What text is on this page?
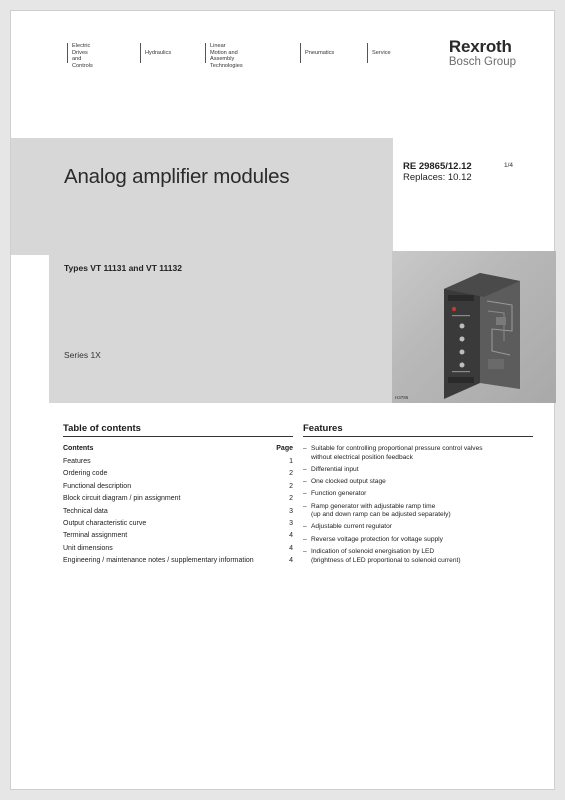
Electric Drives
and Controls
Hydraulics
Linear Motion and
Assembly Technologies
Pneumatics	Service	Rexroth
Bosch Group
Analog amplifier modules	RE 29865/12.12
Replaces: 10.12
1/4
Types VT 11131 and VT 11132
Series 1X
H3786
Table of contents
Contents	Page
Features	1
Ordering code	2
Functional description	2
Block circuit diagram / pin assignment	2
Technical data	3
Output characteristic curve	3
Terminal assignment	4
Unit dimensions	4
Engineering / maintenance notes / supplementary information	4
Features
– Suitable for controlling proportional pressure control valves
without electrical position feedback
– Differential input
– One clocked output stage
– Function generator
– Ramp generator with adjustable ramp time
(up and down ramp can be adjusted separately)
– Adjustable current regulator
– Reverse voltage protection for voltage supply
– Indication of solenoid energisation by LED
(brightness of LED proportional to solenoid current)
